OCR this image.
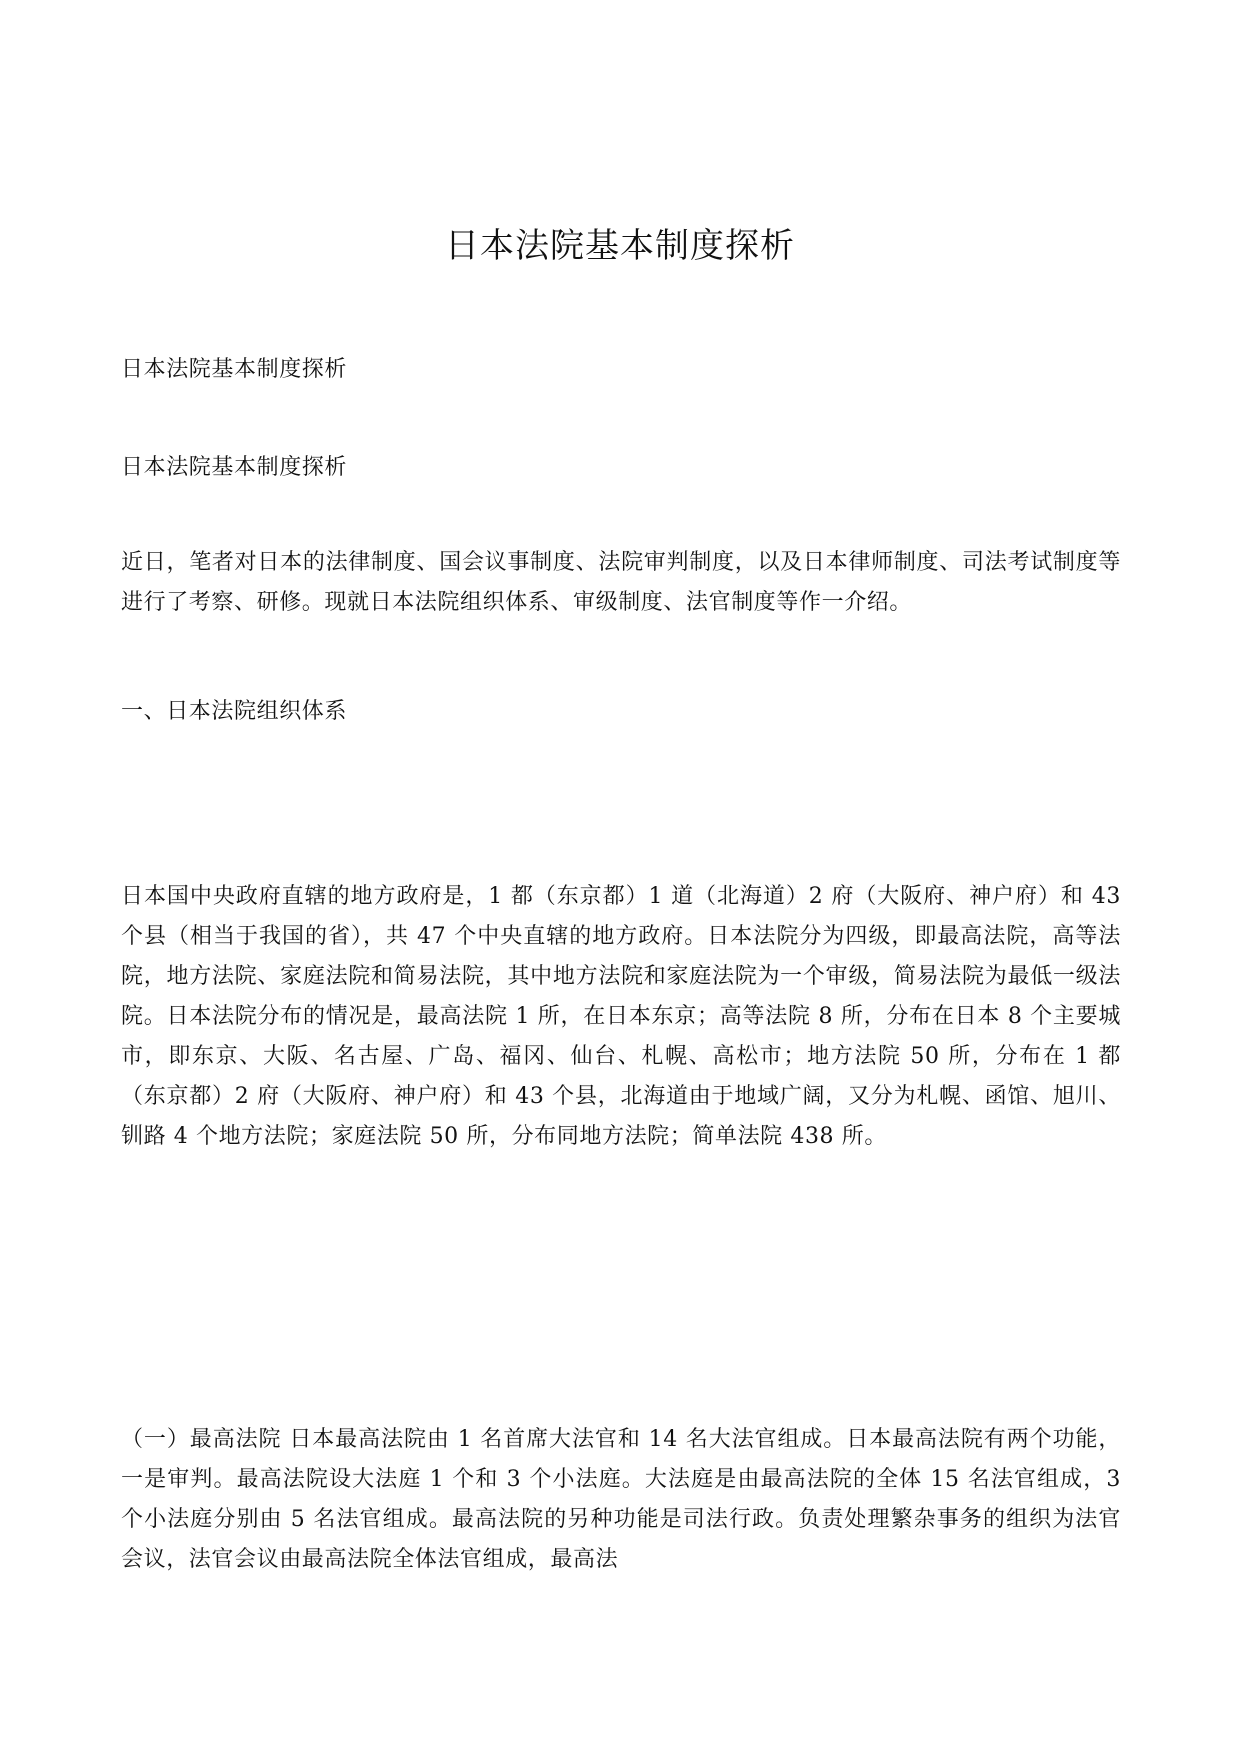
日本法院基本制度探析

日本法院基本制度探析

日本法院基本制度探析

近日，笔者对日本的法律制度、国会议事制度、法院审判制度，以及日本律师制度、司法考试制度等进行了考察、研修。现就日本法院组织体系、审级制度、法官制度等作一介绍。

一、日本法院组织体系

日本国中央政府直辖的地方政府是，1 都（东京都）1 道（北海道）2 府（大阪府、神户府）和 43 个县（相当于我国的省），共 47 个中央直辖的地方政府。日本法院分为四级，即最高法院，高等法院，地方法院、家庭法院和简易法院，其中地方法院和家庭法院为一个审级，简易法院为最低一级法院。日本法院分布的情况是，最高法院 1 所，在日本东京；高等法院 8 所，分布在日本 8 个主要城市，即东京、大阪、名古屋、广岛、福冈、仙台、札幌、高松市；地方法院 50 所，分布在 1 都（东京都）2 府（大阪府、神户府）和 43 个县，北海道由于地域广阔，又分为札幌、函馆、旭川、钏路 4 个地方法院；家庭法院 50 所，分布同地方法院；简单法院 438 所。

（一）最高法院 日本最高法院由 1 名首席大法官和 14 名大法官组成。日本最高法院有两个功能，一是审判。最高法院设大法庭 1 个和 3 个小法庭。大法庭是由最高法院的全体 15 名法官组成，3 个小法庭分别由 5 名法官组成。最高法院的另种功能是司法行政。负责处理繁杂事务的组织为法官会议，法官会议由最高法院全体法官组成，最高法
